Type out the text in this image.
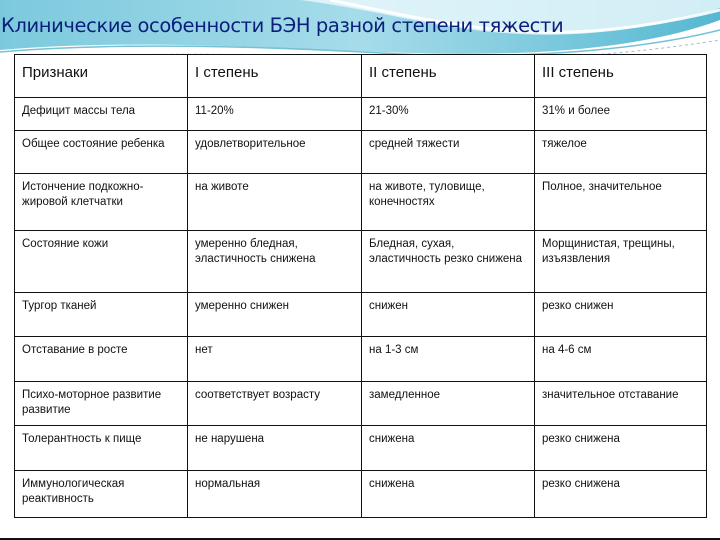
Клинические особенности БЭН разной степени тяжести
Признаки	I степень	II степень	III степень
Дефицит массы тела	11-20%	21-30%	31% и более
Общее состояние ребенка	удовлетворительное	средней тяжести	тяжелое
Истончение подкожно-жировой клетчатки	на животе	на животе, туловище, конечностях	Полное, значительное
Состояние кожи	умеренно бледная, эластичность снижена	Бледная, сухая, эластичность резко снижена	Морщинистая, трещины, изъязвления
Тургор тканей	умеренно снижен	снижен	резко снижен
Отставание в росте	нет	на 1-3 см	на 4-6 см
Психо-моторное развитие развитие	соответствует возрасту	замедленное	значительное отставание
Толерантность к пище	не нарушена	снижена	резко снижена
Иммунологическая реактивность	нормальная	снижена	резко снижена
